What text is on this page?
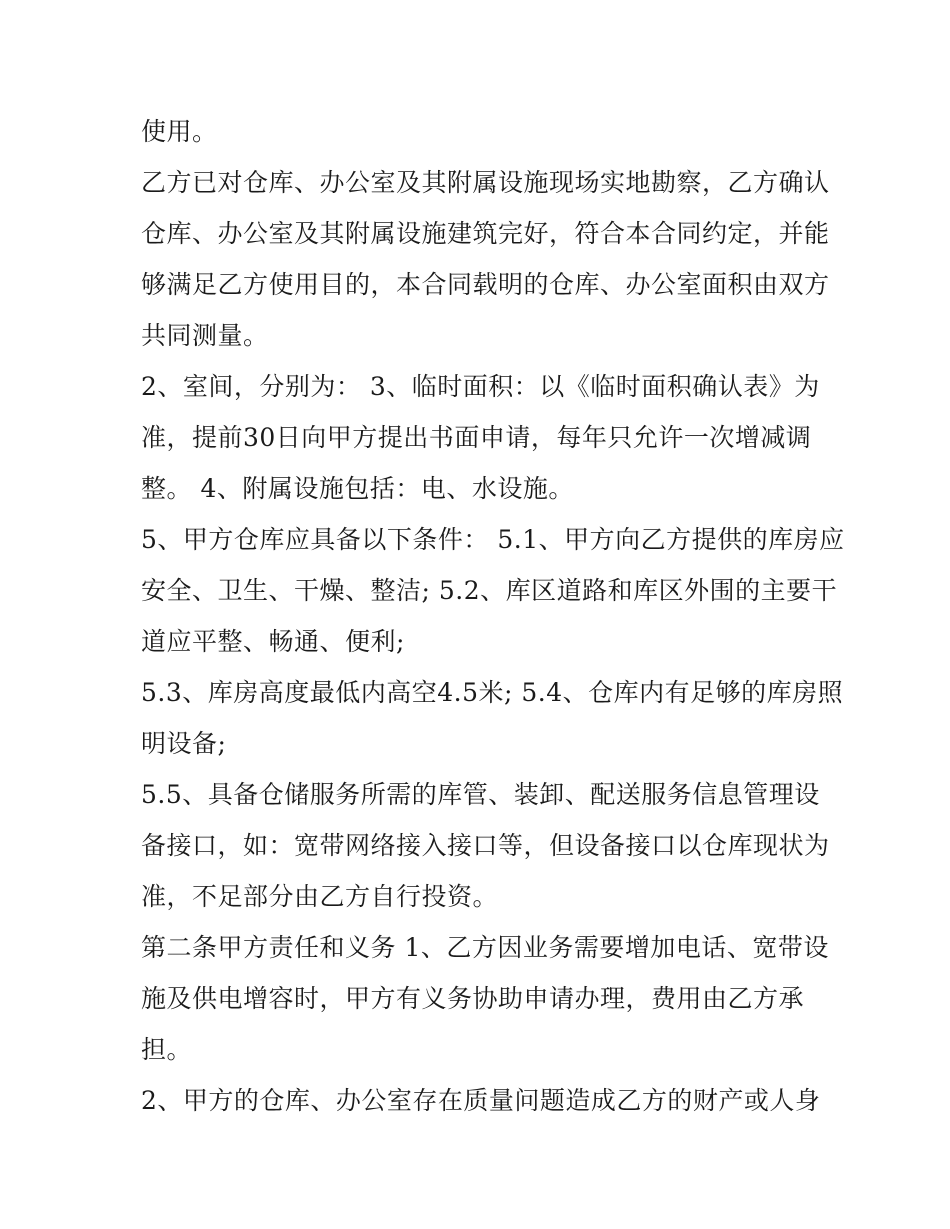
使用。
乙方已对仓库、办公室及其附属设施现场实地勘察，乙方确认
仓库、办公室及其附属设施建筑完好，符合本合同约定，并能
够满足乙方使用目的，本合同载明的仓库、办公室面积由双方
共同测量。
2、室间，分别为： 3、临时面积：以《临时面积确认表》为
准，提前30日向甲方提出书面申请，每年只允许一次增减调
整。 4、附属设施包括：电、水设施。
5、甲方仓库应具备以下条件： 5.1、甲方向乙方提供的库房应
安全、卫生、干燥、整洁; 5.2、库区道路和库区外围的主要干
道应平整、畅通、便利;
5.3、库房高度最低内高空4.5米; 5.4、仓库内有足够的库房照
明设备;
5.5、具备仓储服务所需的库管、装卸、配送服务信息管理设
备接口，如：宽带网络接入接口等，但设备接口以仓库现状为
准，不足部分由乙方自行投资。
第二条甲方责任和义务 1、乙方因业务需要增加电话、宽带设
施及供电增容时，甲方有义务协助申请办理，费用由乙方承
担。
2、甲方的仓库、办公室存在质量问题造成乙方的财产或人身
